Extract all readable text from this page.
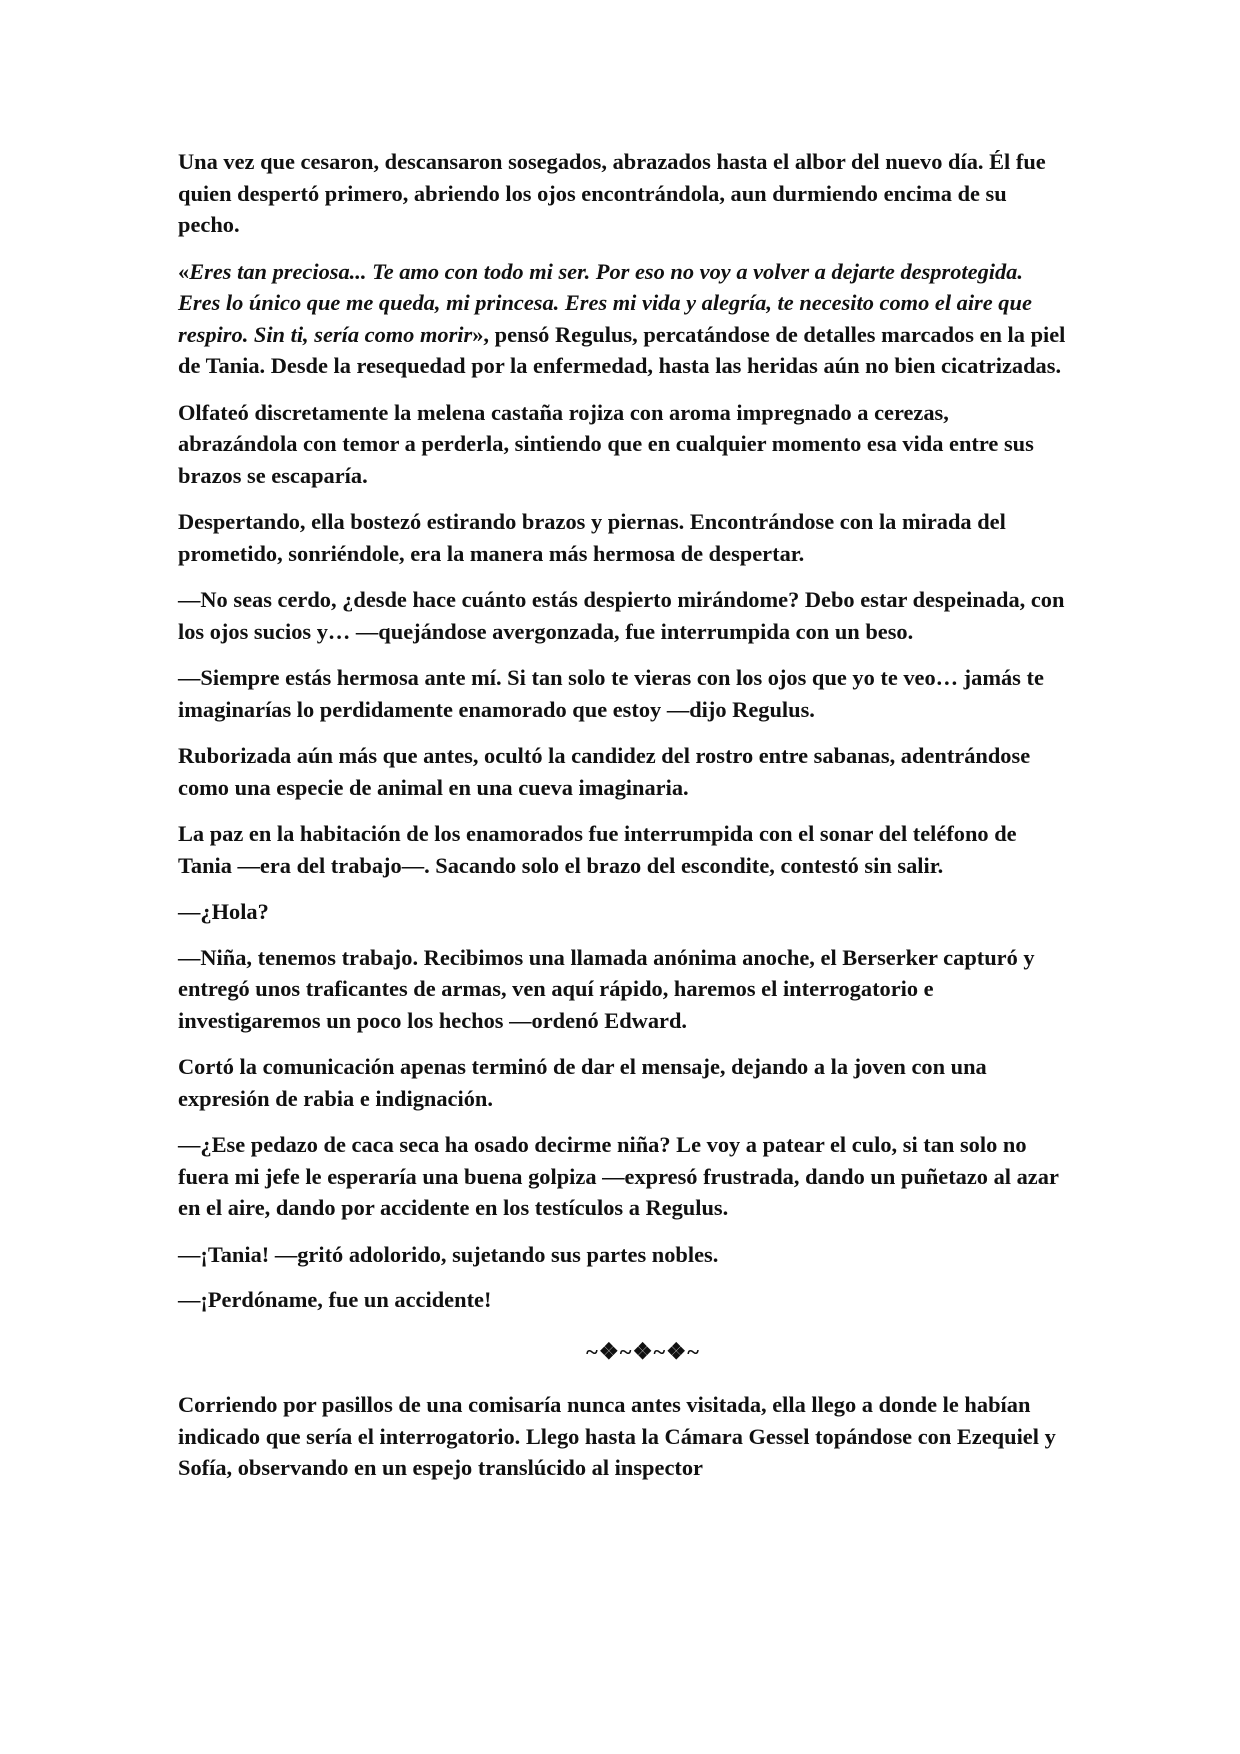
Una vez que cesaron, descansaron sosegados, abrazados hasta el albor del nuevo día. Él fue quien despertó primero, abriendo los ojos encontrándola, aun durmiendo encima de su pecho.

«Eres tan preciosa... Te amo con todo mi ser. Por eso no voy a volver a dejarte desprotegida. Eres lo único que me queda, mi princesa. Eres mi vida y alegría, te necesito como el aire que respiro. Sin ti, sería como morir», pensó Regulus, percatándose de detalles marcados en la piel de Tania. Desde la resequedad por la enfermedad, hasta las heridas aún no bien cicatrizadas.

Olfateó discretamente la melena castaña rojiza con aroma impregnado a cerezas, abrazándola con temor a perderla, sintiendo que en cualquier momento esa vida entre sus brazos se escaparía.

Despertando, ella bostezó estirando brazos y piernas. Encontrándose con la mirada del prometido, sonriéndole, era la manera más hermosa de despertar.

—No seas cerdo, ¿desde hace cuánto estás despierto mirándome? Debo estar despeinada, con los ojos sucios y… —quejándose avergonzada, fue interrumpida con un beso.

—Siempre estás hermosa ante mí. Si tan solo te vieras con los ojos que yo te veo… jamás te imaginarías lo perdidamente enamorado que estoy —dijo Regulus.

Ruborizada aún más que antes, ocultó la candidez del rostro entre sabanas, adentrándose como una especie de animal en una cueva imaginaria.

La paz en la habitación de los enamorados fue interrumpida con el sonar del teléfono de Tania —era del trabajo—. Sacando solo el brazo del escondite, contestó sin salir.

—¿Hola?

—Niña, tenemos trabajo. Recibimos una llamada anónima anoche, el Berserker capturó y entregó unos traficantes de armas, ven aquí rápido, haremos el interrogatorio e investigaremos un poco los hechos —ordenó Edward.

Cortó la comunicación apenas terminó de dar el mensaje, dejando a la joven con una expresión de rabia e indignación.

—¿Ese pedazo de caca seca ha osado decirme niña? Le voy a patear el culo, si tan solo no fuera mi jefe le esperaría una buena golpiza —expresó frustrada, dando un puñetazo al azar en el aire, dando por accidente en los testículos a Regulus.

—¡Tania! —gritó adolorido, sujetando sus partes nobles.

—¡Perdóname, fue un accidente!

~❖~❖~❖~

Corriendo por pasillos de una comisaría nunca antes visitada, ella llego a donde le habían indicado que sería el interrogatorio. Llego hasta la Cámara Gessel topándose con Ezequiel y Sofía, observando en un espejo translúcido al inspector
